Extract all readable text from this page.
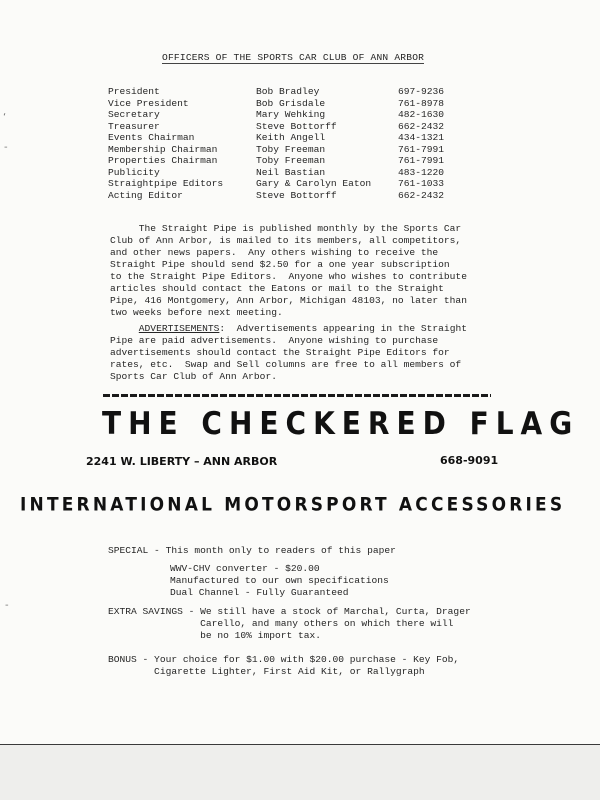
OFFICERS OF THE SPORTS CAR CLUB OF ANN ARBOR
President	Bob Bradley	697-9236
Vice President	Bob Grisdale	761-8978
Secretary	Mary Wehking	482-1630
Treasurer	Steve Bottorff	662-2432
Events Chairman	Keith Angell	434-1321
Membership Chairman	Toby Freeman	761-7991
Properties Chairman	Toby Freeman	761-7991
Publicity	Neil Bastian	483-1220
Straightpipe Editors	Gary & Carolyn Eaton	761-1033
Acting Editor	Steve Bottorff	662-2432
The Straight Pipe is published monthly by the Sports Car
Club of Ann Arbor, is mailed to its members, all competitors,
and other news papers.  Any others wishing to receive the
Straight Pipe should send $2.50 for a one year subscription
to the Straight Pipe Editors.  Anyone who wishes to contribute
articles should contact the Eatons or mail to the Straight
Pipe, 416 Montgomery, Ann Arbor, Michigan 48103, no later than
two weeks before next meeting.
ADVERTISEMENTS:  Advertisements appearing in the Straight
Pipe are paid advertisements.  Anyone wishing to purchase
advertisements should contact the Straight Pipe Editors for
rates, etc.  Swap and Sell columns are free to all members of
Sports Car Club of Ann Arbor.
THE CHECKERED FLAG
2241 W. LIBERTY – ANN ARBOR	668-9091
INTERNATIONAL MOTORSPORT ACCESSORIES
SPECIAL - This month only to readers of this paper
WWV-CHV converter - $20.00
Manufactured to our own specifications
Dual Channel - Fully Guaranteed
EXTRA SAVINGS - We still have a stock of Marchal, Curta, Drager
Carello, and many others on which there will
be no 10% import tax.
BONUS - Your choice for $1.00 with $20.00 purchase - Key Fob,
Cigarette Lighter, First Aid Kit, or Rallygraph
‘
-
-
